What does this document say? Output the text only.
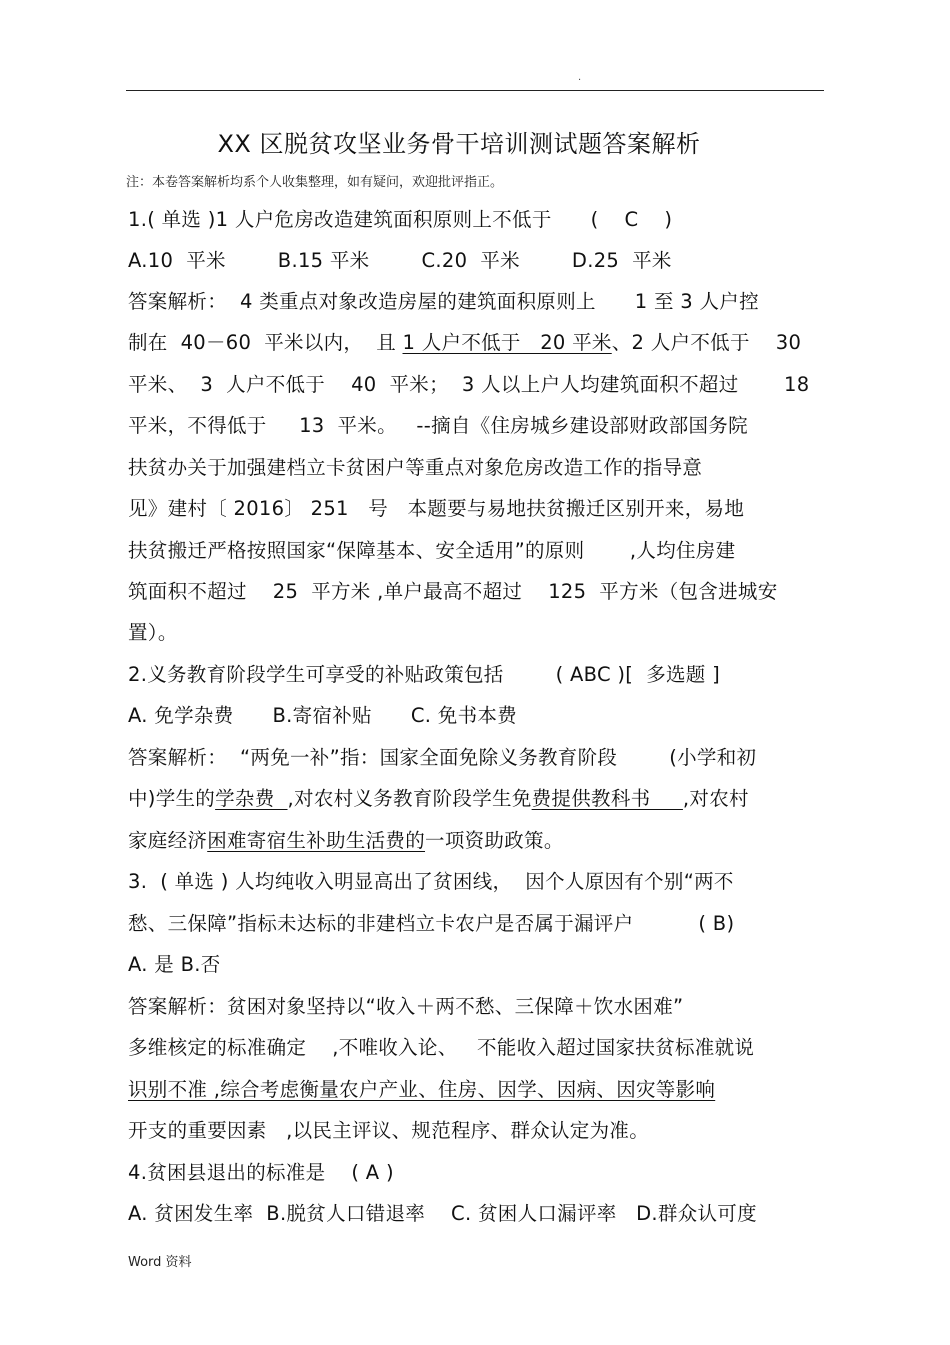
.
XX 区脱贫攻坚业务骨干培训测试题答案解析
注：本卷答案解析均系个人收集整理，如有疑问，欢迎批评指正。
1.( 单选 )1 人户危房改造建筑面积原则上不低于      (    C    )
A.10  平米        B.15 平米        C.20  平米        D.25  平米
答案解析：  4 类重点对象改造房屋的建筑面积原则上      1 至 3 人户控
制在  40－60  平米以内，  且 1 人户不低于   20 平米、2 人户不低于    30
平米、  3  人户不低于    40  平米；  3 人以上户人均建筑面积不超过       18
平米，不得低于     13  平米。   --摘自《住房城乡建设部财政部国务院
扶贫办关于加强建档立卡贫困户等重点对象危房改造工作的指导意
见》建村〔 2016〕 251   号   本题要与易地扶贫搬迁区别开来，易地
扶贫搬迁严格按照国家“保障基本、安全适用”的原则       ,人均住房建
筑面积不超过    25  平方米 ,单户最高不超过    125  平方米（包含进城安
置）。
2.义务教育阶段学生可享受的补贴政策包括        ( ABC )[  多选题 ]
A. 免学杂费      B.寄宿补贴      C. 免书本费
答案解析：  “两免一补”指：国家全面免除义务教育阶段        (小学和初
中)学生的学杂费  ,对农村义务教育阶段学生免费提供教科书     ,对农村
家庭经济困难寄宿生补助生活费的一项资助政策。
3.  ( 单选 ) 人均纯收入明显高出了贫困线，  因个人原因有个别“两不
愁、三保障”指标未达标的非建档立卡农户是否属于漏评户          ( B)
A. 是 B.否
答案解析：贫困对象坚持以“收入＋两不愁、三保障＋饮水困难”
多维核定的标准确定    ,不唯收入论、   不能收入超过国家扶贫标准就说
识别不准 ,综合考虑衡量农户产业、住房、因学、因病、因灾等影响
开支的重要因素   ,以民主评议、规范程序、群众认定为准。
4.贫困县退出的标准是    ( A )
A. 贫困发生率  B.脱贫人口错退率    C. 贫困人口漏评率   D.群众认可度
Word 资料
